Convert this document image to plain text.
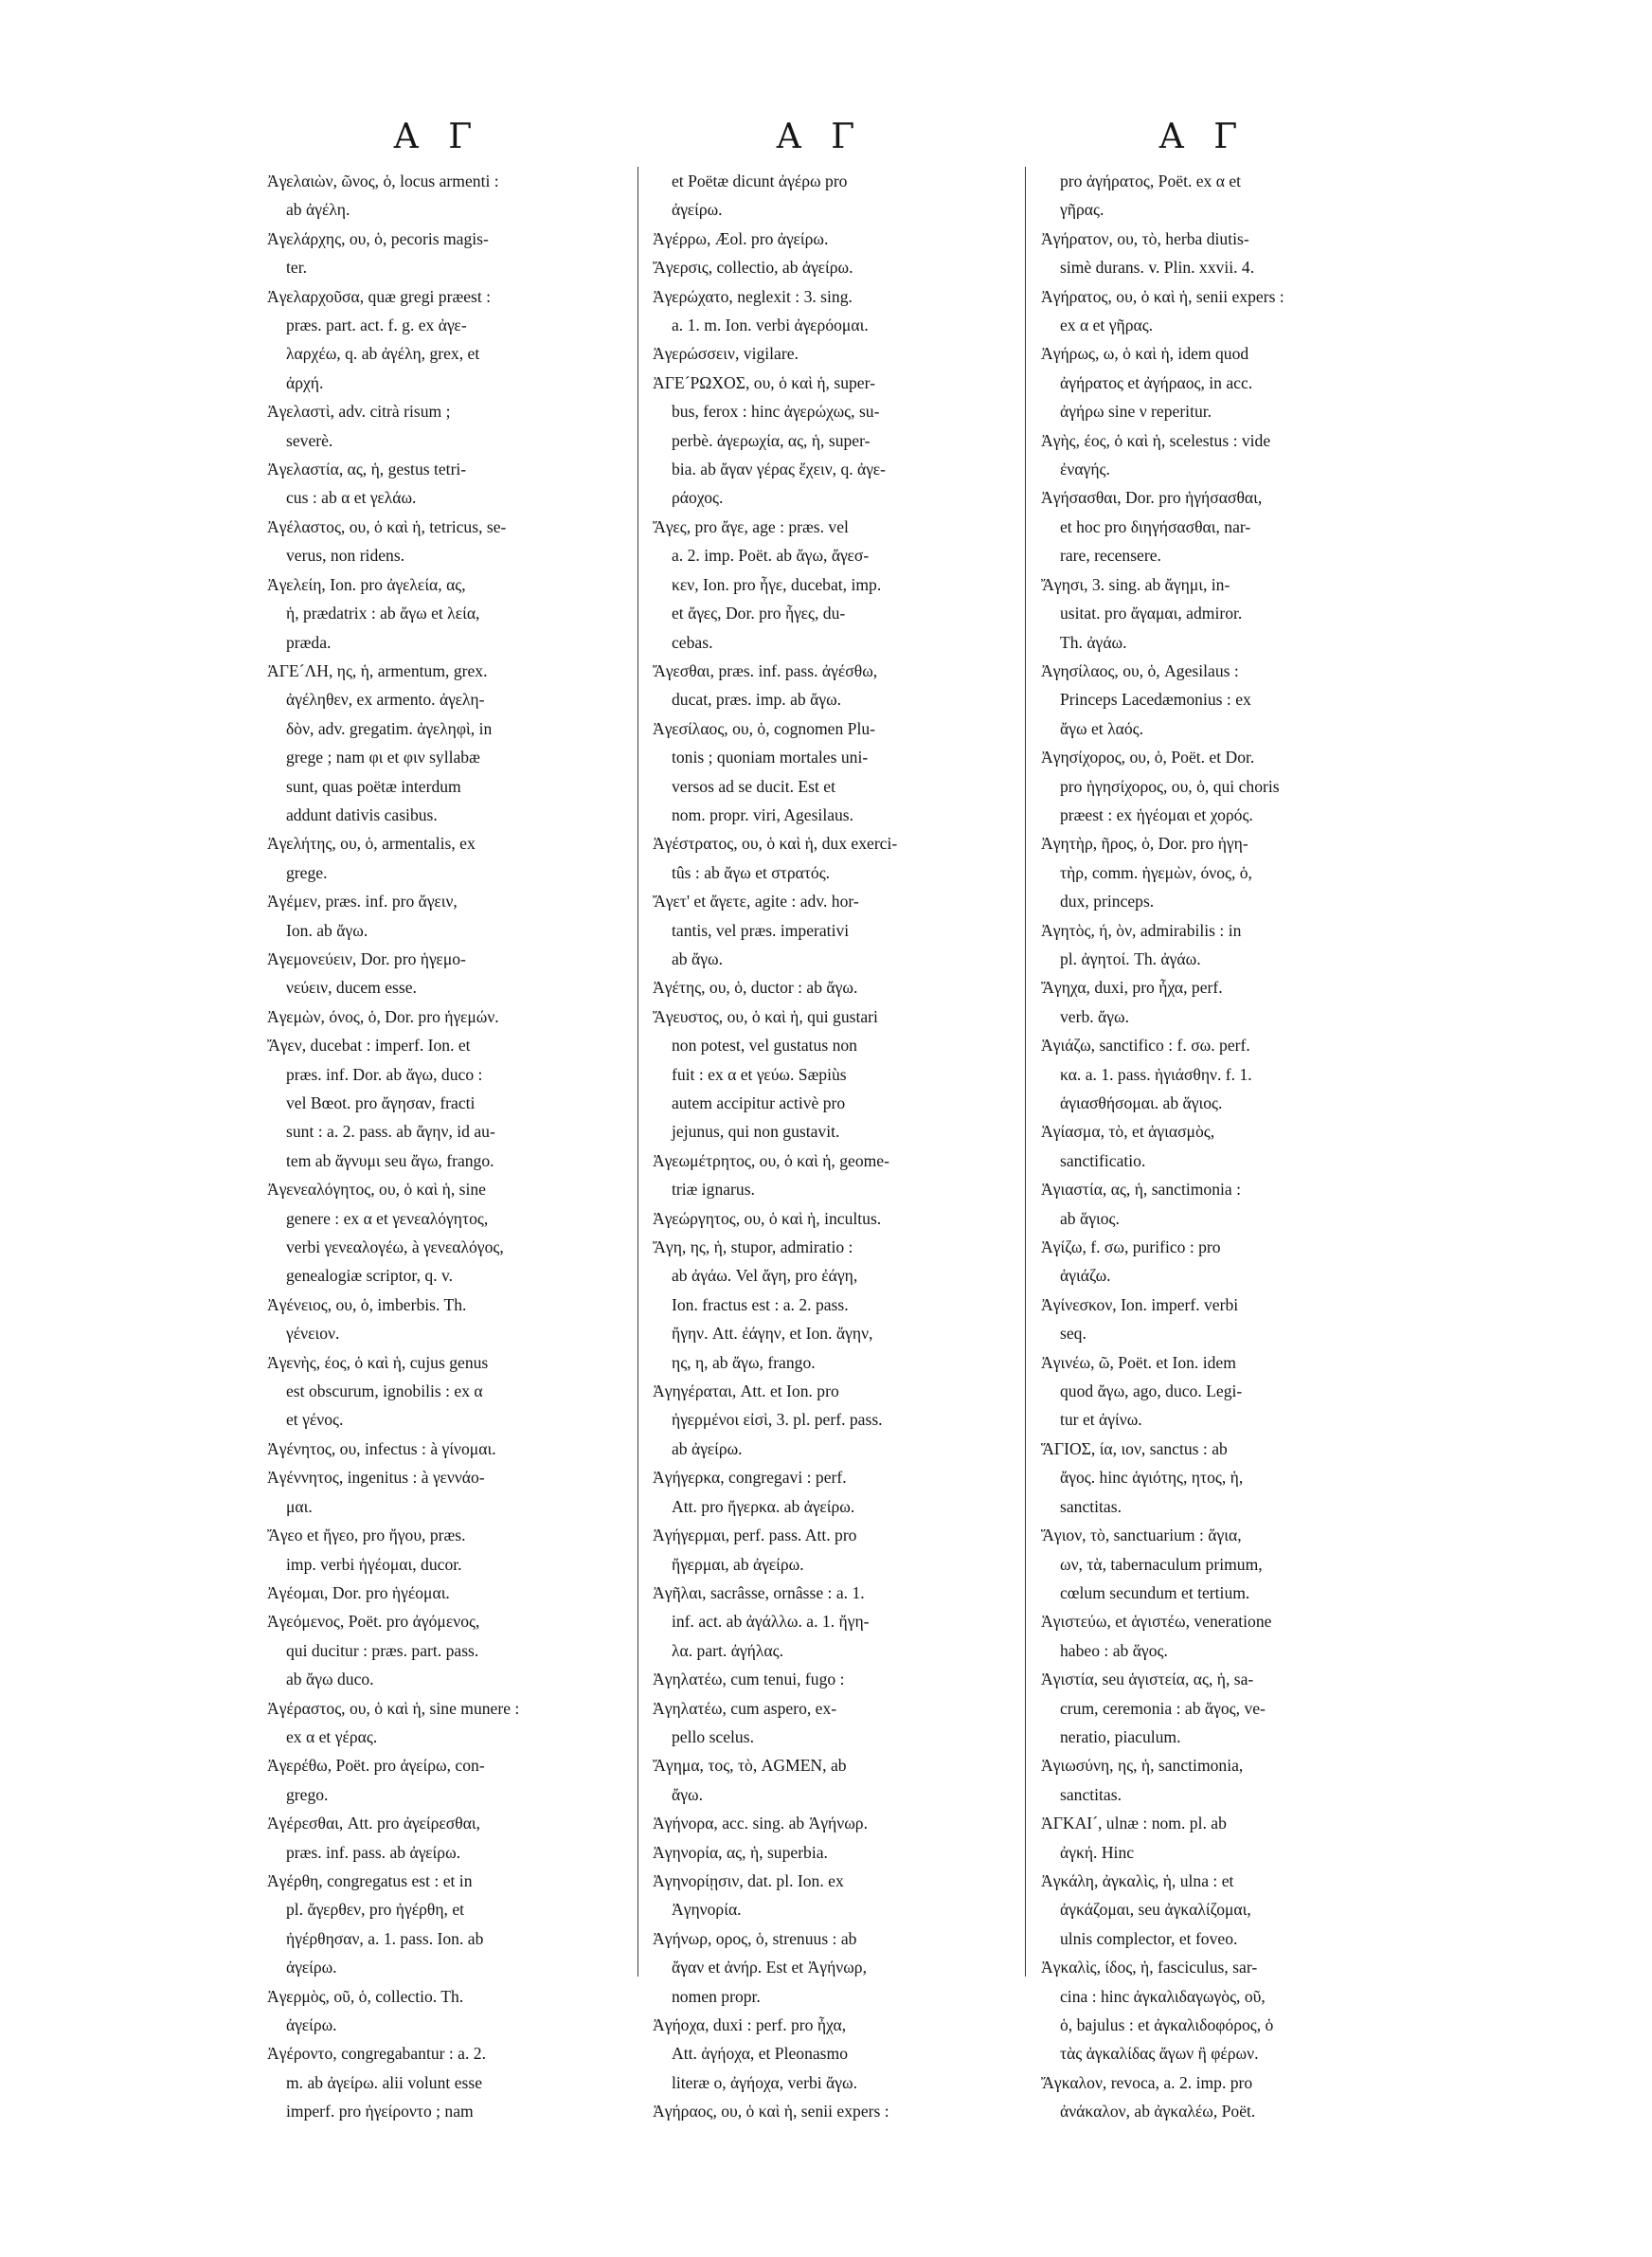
Α Γ	Α Γ	Α Γ
Ἀγελαιὼν, ῶνος, ὁ, locus armenti :
ab ἀγέλη.
Ἀγελάρχης, ου, ὁ, pecoris magis-
ter.
Ἀγελαρχοῦσα, quæ gregi præest :
præs. part. act. f. g. ex ἀγε-
λαρχέω, q. ab ἀγέλη, grex, et
ἀρχή.
Ἀγελαστὶ, adv. citrà risum ;
severè.
Ἀγελαστία, ας, ἡ, gestus tetri-
cus : ab α et γελάω.
Ἀγέλαστος, ου, ὁ καὶ ἡ, tetricus, se-
verus, non ridens.
Ἀγελείη, Ion. pro ἀγελεία, ας,
ἡ, prædatrix : ab ἄγω et λεία,
præda.
ἈΓΕ´ΛΗ, ης, ἡ, armentum, grex.
ἀγέληθεν, ex armento. ἀγελη-
δὸν, adv. gregatim. ἀγεληφὶ, in
grege ; nam φι et φιν syllabæ
sunt, quas poëtæ interdum
addunt dativis casibus.
Ἀγελήτης, ου, ὁ, armentalis, ex
grege.
Ἀγέμεν, præs. inf. pro ἄγειν,
Ion. ab ἄγω.
Ἀγεμονεύειν, Dor. pro ἡγεμο-
νεύειν, ducem esse.
Ἀγεμὼν, όνος, ὁ, Dor. pro ἡγεμών.
Ἄγεν, ducebat : imperf. Ion. et
præs. inf. Dor. ab ἄγω, duco :
vel Bœot. pro ἄγησαν, fracti
sunt : a. 2. pass. ab ἄγην, id au-
tem ab ἄγνυμι seu ἄγω, frango.
Ἀγενεαλόγητος, ου, ὁ καὶ ἡ, sine
genere : ex α et γενεαλόγητος,
verbi γενεαλογέω, à γενεαλόγος,
genealogiæ scriptor, q. v.
Ἀγένειος, ου, ὁ, imberbis. Th.
γένειον.
Ἀγενὴς, έος, ὁ καὶ ἡ, cujus genus
est obscurum, ignobilis : ex α
et γένος.
Ἀγένητος, ου, infectus : à γίνομαι.
Ἀγέννητος, ingenitus : à γεννάο-
μαι.
Ἄγεο et ἤγεο, pro ἤγου, præs.
imp. verbi ἡγέομαι, ducor.
Ἀγέομαι, Dor. pro ἡγέομαι.
Ἀγεόμενος, Poët. pro ἀγόμενος,
qui ducitur : præs. part. pass.
ab ἄγω duco.
Ἀγέραστος, ου, ὁ καὶ ἡ, sine munere :
ex α et γέρας.
Ἀγερέθω, Poët. pro ἀγείρω, con-
grego.
Ἀγέρεσθαι, Att. pro ἀγείρεσθαι,
præs. inf. pass. ab ἀγείρω.
Ἀγέρθη, congregatus est : et in
pl. ἄγερθεν, pro ἠγέρθη, et
ἠγέρθησαν, a. 1. pass. Ion. ab
ἀγείρω.
Ἀγερμὸς, οῦ, ὁ, collectio. Th.
ἀγείρω.
Ἀγέροντο, congregabantur : a. 2.
m. ab ἀγείρω. alii volunt esse
imperf. pro ἠγείροντο ; nam
et Poëtæ dicunt ἀγέρω pro
ἀγείρω.
Ἀγέρρω, Æol. pro ἀγείρω.
Ἄγερσις, collectio, ab ἀγείρω.
Ἀγερώχατο, neglexit : 3. sing.
a. 1. m. Ion. verbi ἀγερόομαι.
Ἀγερώσσειν, vigilare.
ἈΓΕ´ΡΩΧΟΣ, ου, ὁ καὶ ἡ, super-
bus, ferox : hinc ἀγερώχως, su-
perbè. ἀγερωχία, ας, ἡ, super-
bia. ab ἄγαν γέρας ἔχειν, q. ἀγε-
ράοχος.
Ἄγες, pro ἄγε, age : præs. vel
a. 2. imp. Poët. ab ἄγω, ἄγεσ-
κεν, Ion. pro ἦγε, ducebat, imp.
et ἄγες, Dor. pro ἦγες, du-
cebas.
Ἄγεσθαι, præs. inf. pass. ἀγέσθω,
ducat, præs. imp. ab ἄγω.
Ἀγεσίλαος, ου, ὁ, cognomen Plu-
tonis ; quoniam mortales uni-
versos ad se ducit. Est et
nom. propr. viri, Agesilaus.
Ἀγέστρατος, ου, ὁ καὶ ἡ, dux exerci-
tûs : ab ἄγω et στρατός.
Ἄγετ' et ἄγετε, agite : adv. hor-
tantis, vel præs. imperativi
ab ἄγω.
Ἀγέτης, ου, ὁ, ductor : ab ἄγω.
Ἄγευστος, ου, ὁ καὶ ἡ, qui gustari
non potest, vel gustatus non
fuit : ex α et γεύω. Sæpiùs
autem accipitur activè pro
jejunus, qui non gustavit.
Ἀγεωμέτρητος, ου, ὁ καὶ ἡ, geome-
triæ ignarus.
Ἀγεώργητος, ου, ὁ καὶ ἡ, incultus.
Ἄγη, ης, ἡ, stupor, admiratio :
ab ἀγάω. Vel ἄγη, pro ἐάγη,
Ion. fractus est : a. 2. pass.
ἤγην. Att. ἐάγην, et Ion. ἄγην,
ης, η, ab ἄγω, frango.
Ἀγηγέραται, Att. et Ion. pro
ἠγερμένοι εἰσὶ, 3. pl. perf. pass.
ab ἀγείρω.
Ἀγήγερκα, congregavi : perf.
Att. pro ἤγερκα. ab ἀγείρω.
Ἀγήγερμαι, perf. pass. Att. pro
ἤγερμαι, ab ἀγείρω.
Ἀγῆλαι, sacrâsse, ornâsse : a. 1.
inf. act. ab ἀγάλλω. a. 1. ἤγη-
λα. part. ἀγήλας.
Ἀγηλατέω, cum tenui, fugo :
Ἁγηλατέω, cum aspero, ex-
pello scelus.
Ἄγημα, τος, τὸ, AGMEN, ab
ἄγω.
Ἀγήνορα, acc. sing. ab Ἀγήνωρ.
Ἀγηνορία, ας, ἡ, superbia.
Ἀγηνορίῃσιν, dat. pl. Ion. ex
Ἀγηνορία.
Ἀγήνωρ, ορος, ὁ, strenuus : ab
ἄγαν et ἀνήρ. Est et Ἀγήνωρ,
nomen propr.
Ἀγήοχα, duxi : perf. pro ἦχα,
Att. ἀγήοχα, et Pleonasmo
literæ ο, ἀγήοχα, verbi ἄγω.
Ἀγήραος, ου, ὁ καὶ ἡ, senii expers :
pro ἀγήρατος, Poët. ex α et
γῆρας.
Ἀγήρατον, ου, τὸ, herba diutis-
simè durans. v. Plin. xxvii. 4.
Ἀγήρατος, ου, ὁ καὶ ἡ, senii expers :
ex α et γῆρας.
Ἀγήρως, ω, ὁ καὶ ἡ, idem quod
ἀγήρατος et ἀγήραος, in acc.
ἀγήρω sine ν reperitur.
Ἀγὴς, έος, ὁ καὶ ἡ, scelestus : vide
ἐναγής.
Ἀγήσασθαι, Dor. pro ἡγήσασθαι,
et hoc pro διηγήσασθαι, nar-
rare, recensere.
Ἄγησι, 3. sing. ab ἄγημι, in-
usitat. pro ἄγαμαι, admiror.
Th. ἀγάω.
Ἀγησίλαος, ου, ὁ, Agesilaus :
Princeps Lacedæmonius : ex
ἄγω et λαός.
Ἀγησίχορος, ου, ὁ, Poët. et Dor.
pro ἡγησίχορος, ου, ὁ, qui choris
præest : ex ἡγέομαι et χορός.
Ἀγητὴρ, ῆρος, ὁ, Dor. pro ἡγη-
τὴρ, comm. ἡγεμὼν, όνος, ὁ,
dux, princeps.
Ἀγητὸς, ή, ὸν, admirabilis : in
pl. ἀγητοί. Th. ἀγάω.
Ἄγηχα, duxi, pro ἦχα, perf.
verb. ἄγω.
Ἁγιάζω, sanctifico : f. σω. perf.
κα. a. 1. pass. ἡγιάσθην. f. 1.
ἁγιασθήσομαι. ab ἅγιος.
Ἁγίασμα, τὸ, et ἁγιασμὸς,
sanctificatio.
Ἁγιαστία, ας, ἡ, sanctimonia :
ab ἅγιος.
Ἁγίζω, f. σω, purifico : pro
ἁγιάζω.
Ἀγίνεσκον, Ion. imperf. verbi
seq.
Ἀγινέω, ῶ, Poët. et Ion. idem
quod ἄγω, ago, duco. Legi-
tur et ἀγίνω.
ἍΓΙΟΣ, ία, ιον, sanctus : ab
ἄγος. hinc ἁγιότης, ητος, ἡ,
sanctitas.
Ἅγιον, τὸ, sanctuarium : ἅγια,
ων, τὰ, tabernaculum primum,
cœlum secundum et tertium.
Ἁγιστεύω, et ἁγιστέω, veneratione
habeo : ab ἅγος.
Ἁγιστία, seu ἁγιστεία, ας, ἡ, sa-
crum, ceremonia : ab ἅγος, ve-
neratio, piaculum.
Ἁγιωσύνη, ης, ἡ, sanctimonia,
sanctitas.
ἈΓΚΑΙ´, ulnæ : nom. pl. ab
ἀγκή. Hinc
Ἀγκάλη, ἀγκαλὶς, ἡ, ulna : et
ἀγκάζομαι, seu ἀγκαλίζομαι,
ulnis complector, et foveo.
Ἀγκαλὶς, ίδος, ἡ, fasciculus, sar-
cina : hinc ἀγκαλιδαγωγὸς, οῦ,
ὁ, bajulus : et ἀγκαλιδοφόρος, ὁ
τὰς ἀγκαλίδας ἄγων ἢ φέρων.
Ἄγκαλον, revoca, a. 2. imp. pro
ἀνάκαλον, ab ἀγκαλέω, Poët.
